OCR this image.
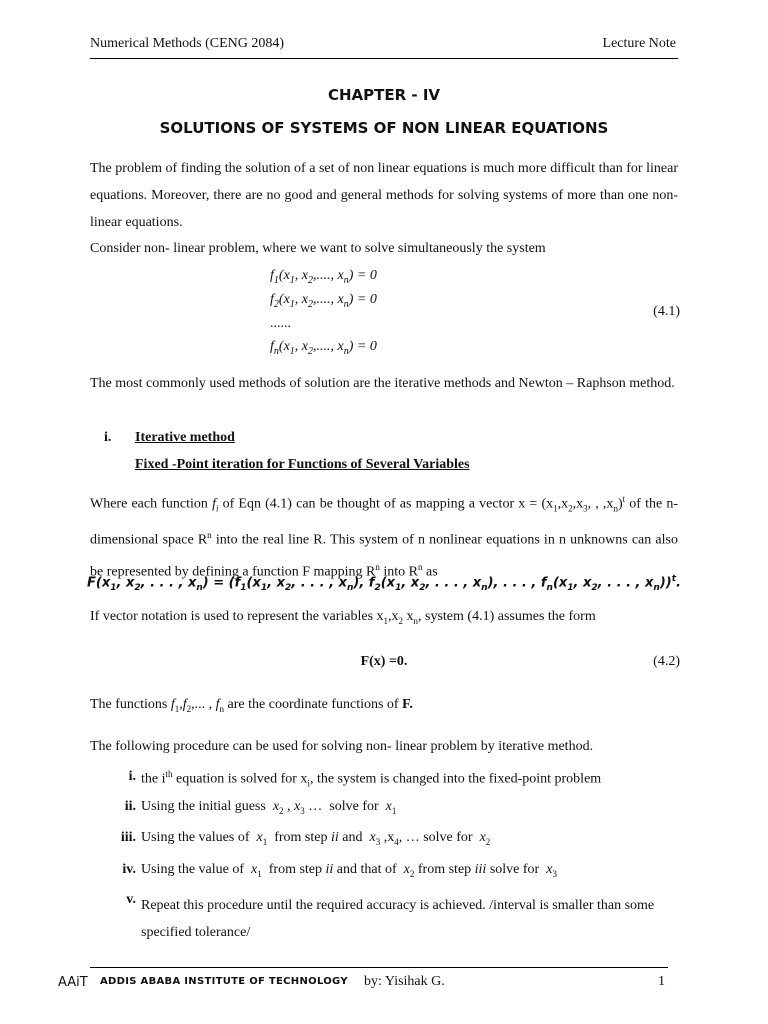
Numerical Methods (CENG 2084)	Lecture Note
CHAPTER - IV
SOLUTIONS OF SYSTEMS OF NON LINEAR EQUATIONS
The problem of finding the solution of a set of non linear equations is much more difficult than for linear equations. Moreover, there are no good and general methods for solving systems of more than one non- linear equations.
Consider non- linear problem, where we want to solve simultaneously the system
$f_1(x_1$, $x_2$,...., $x_n) = 0$
$f_2(x_1$, $x_2$,...., $x_n) = 0$
......
$f_n(x_1$, $x_2$,...., $x_n) = 0$
(4.1)
The most commonly used methods of solution are the iterative methods and Newton – Raphson method.
i. Iterative method
Fixed -Point iteration for Functions of Several Variables
Where each function $f_i$ of Eqn (4.1) can be thought of as mapping a vector $x = (x_1,x_2,x_3$, , $,x_n)^t$ of the n-dimensional space $R^n$ into the real line R. This system of n nonlinear equations in n unknowns can also be represented by defining a function F mapping $R^n$ into $R^n$ as
$F(x_1$, $x_2$, . . . , $x_n) = (f_1(x_1$, $x_2$, . . . , $x_n$), $f_2(x_1$, $x_2$, . . . , $x_n$), . . . , $f_n(x_1$, $x_2$, . . . , $x_n))^t$.
If vector notation is used to represent the variables $x_1,x_2$ $x_n$, system (4.1) assumes the form
F(x) =0.	(4.2)
The functions $f_1,f_2$,... , $f_n$ are the coordinate functions of F.
The following procedure can be used for solving non- linear problem by iterative method.
i. the $i^{th}$ equation is solved for $x_i$, the system is changed into the fixed-point problem
ii. Using the initial guess  $x_2$ , $x_3$ …  solve for  $x_1$
iii. Using the values of  $x_1$  from step ii and  $x_3$ $,x_4$, … solve for  $x_2$
iv. Using the value of  $x_1$  from step ii and that of  $x_2$ from step iii solve for  $x_3$
v. Repeat this procedure until the required accuracy is achieved. /interval is smaller than some specified tolerance/
AAiT ADDIS ABABA INSTITUTE OF TECHNOLOGY by: Yisihak G.	1
